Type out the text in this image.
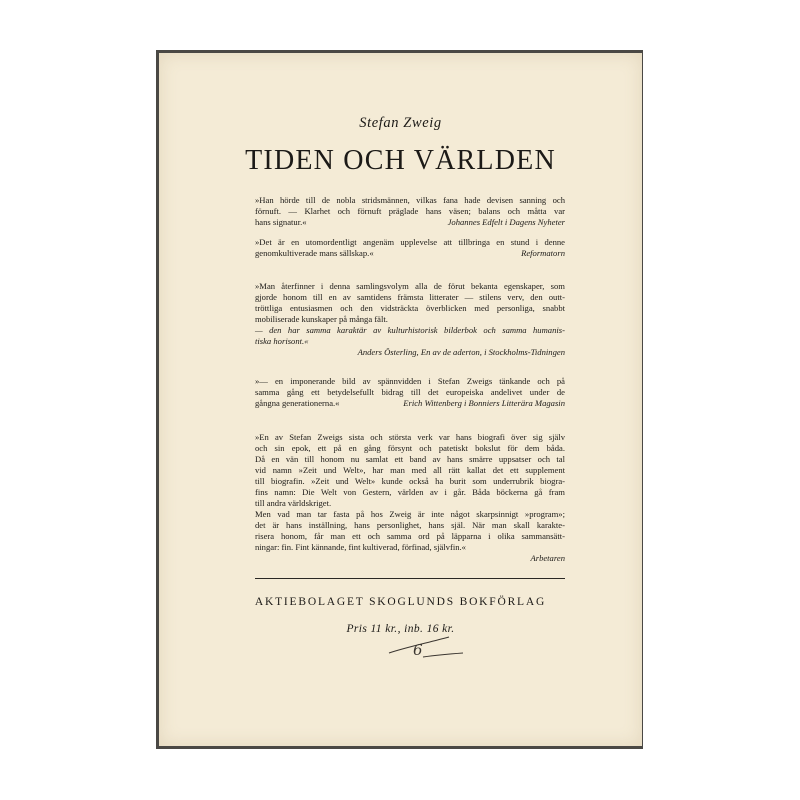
Stefan Zweig
TIDEN OCH VÄRLDEN
»Han hörde till de nobla stridsmännen, vilkas fana hade devisen sanning och
förnuft. — Klarhet och förnuft präglade hans väsen; balans och måtta var
hans signatur.«	Johannes Edfelt i Dagens Nyheter
»Det är en utomordentligt angenäm upplevelse att tillbringa en stund i denne
genomkultiverade mans sällskap.«	Reformatorn
»Man återfinner i denna samlingsvolym alla de förut bekanta egenskaper, som
gjorde honom till en av samtidens främsta litterater — stilens verv, den outt-
tröttliga entusiasmen och den vidsträckta överblicken med personliga, snabbt
mobiliserade kunskaper på många fält.
— den har samma karaktär av kulturhistorisk bilderbok och samma humanis-
tiska horisont.«
Anders Österling, En av de aderton, i Stockholms-Tidningen
»— en imponerande bild av spännvidden i Stefan Zweigs tänkande och på
samma gång ett betydelsefullt bidrag till det europeiska andelivet under de
gångna generationerna.«	Erich Wittenberg i Bonniers Litterära Magasin
»En av Stefan Zweigs sista och största verk var hans biografi över sig själv
och sin epok, ett på en gång försynt och patetiskt bokslut för dem båda.
Då en vän till honom nu samlat ett band av hans smärre uppsatser och tal
vid namn »Zeit und Welt», har man med all rätt kallat det ett supplement
till biografin. »Zeit und Welt» kunde också ha burit som underrubrik biogra-
fins namn: Die Welt von Gestern, världen av i går. Båda böckerna gå fram
till andra världskriget.
Men vad man tar fasta på hos Zweig är inte något skarpsinnigt »program»;
det är hans inställning, hans personlighet, hans själ. När man skall karakte-
risera honom, får man ett och samma ord på läpparna i olika sammansätt-
ningar: fin. Fint kännande, fint kultiverad, förfinad, självfin.«
Arbetaren
AKTIEBOLAGET SKOGLUNDS BOKFÖRLAG
Pris 11 kr., inb. 16 kr.
6
